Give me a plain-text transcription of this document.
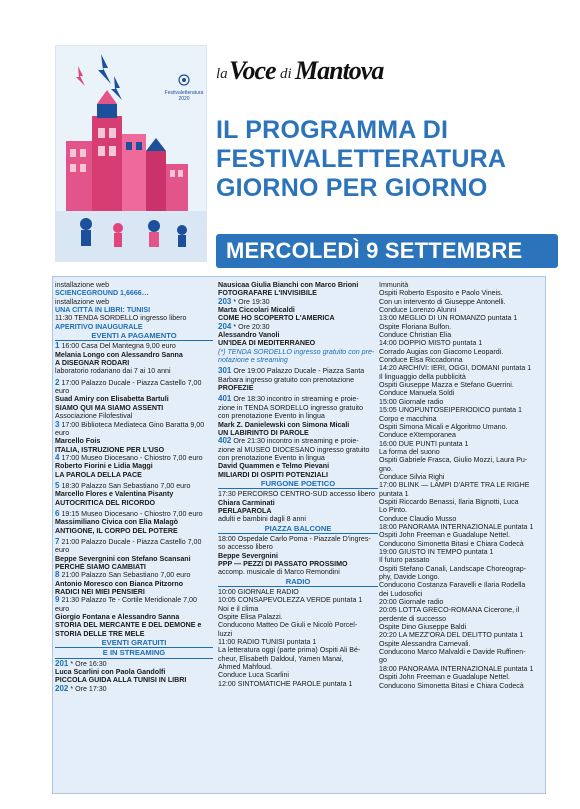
Festivaletteratura
2020
la Voce di Mantova
IL PROGRAMMA DI
FESTIVALETTERATURA
GIORNO PER GIORNO
MERCOLEDÌ 9 SETTEMBRE
installazione web
SCIENCEGROUND 1,6666…
installazione web
UNA CITTÀ IN LIBRI: TUNISI
11:30 TENDA SORDELLO ingresso libero
APERITIVO INAUGURALE
EVENTI A PAGAMENTO
1 16:00 Casa Del Mantegna 9,00 euro
Melania Longo con Alessandro Sanna
A DISEGNAR RODARI
laboratorio rodariano dai 7 ai 10 anni
2 17:00 Palazzo Ducale - Piazza Castello 7,00
euro
Suad Amiry con Elisabetta Bartuli
SIAMO QUI MA SIAMO ASSENTI
Associazione Filofestival
3 17:00 Biblioteca Mediateca Gino Baratta 9,00
euro
Marcello Fois
ITALIA, ISTRUZIONE PER L'USO
4 17:00 Museo Diocesano - Chiostro 7,00 euro
Roberto Fiorini e Lidia Maggi
LA PAROLA DELLA PACE
5 18:30 Palazzo San Sebastiano 7,00 euro
Marcello Flores e Valentina Pisanty
AUTOCRITICA DEL RICORDO
6 19:15 Museo Diocesano - Chiostro 7,00 euro
Massimiliano Civica con Elia Malagò
ANTIGONE, IL CORPO DEL POTERE
7 21:00 Palazzo Ducale - Piazza Castello 7,00
euro
Beppe Severgnini con Stefano Scansani
PERCHÉ SIAMO CAMBIATI
8 21:00 Palazzo San Sebastiano 7,00 euro
Antonio Moresco con Bianca Pitzorno
RADICI NEI MIEI PENSIERI
9 21:30 Palazzo Te - Cortile Meridionale 7,00
euro
Giorgio Fontana e Alessandro Sanna
STORIA DEL MERCANTE E DEL DEMONE e
STORIA DELLE TRE MELE
EVENTI GRATUITI
E IN STREAMING
201 * Ore 16:30
Luca Scarlini con Paola Gandolfi
PICCOLA GUIDA ALLA TUNISI IN LIBRI
202 * Ore 17:30
Nausicaa Giulia Bianchi con Marco Brioni
FOTOGRAFARE L'INVISIBILE
203 * Ore 19:30
Marta Ciccolari Micaldi
COME HO SCOPERTO L'AMERICA
204 * Ore 20:30
Alessandro Vanoli
UN'IDEA DI MEDITERRANEO
(*) TENDA SORDELLO ingresso gratuito con pre-
notazione e streaming
301 Ore 19:00 Palazzo Ducale - Piazza Santa
Barbara ingresso gratuito con prenotazione
PROFEZIE
401 Ore 18:30 incontro in streaming e proie-
zione in TENDA SORDELLO ingresso gratuito
con prenotazione Evento in lingua
Mark Z. Danielewski con Simona Micali
UN LABIRINTO DI PAROLE
402 Ore 21:30 incontro in streaming e proie-
zione al MUSEO DIOCESANO ingresso gratuito
con prenotazione Evento in lingua
David Quammen e Telmo Pievani
MILIARDI DI OSPITI POTENZIALI
FURGONE POETICO
17:30 PERCORSO CENTRO-SUD accesso libero
Chiara Carminati
PERLAPAROLA
adulti e bambini dagli 8 anni
PIAZZA BALCONE
18:00 Ospedale Carlo Poma - Piazzale D'ingres-
so accesso libero
Beppe Severgnini
PPP — PEZZI DI PASSATO PROSSIMO
accomp. musicale di Marco Remondini
RADIO
10:00 GIORNALE RADIO
10:05 CONSAPEVOLEZZA VERDE puntata 1
Noi e il clima
Ospite Elisa Palazzi.
Conducono Matteo De Giuli e Nicolò Porcel-
luzzi
11:00 RADIO TUNISI puntata 1
La letteratura oggi (parte prima) Ospiti Ali Bé-
cheur, Elisabeth Daldoul, Yamen Manai,
Ahmed Mahfoud.
Conduce Luca Scarlini
12:00 SINTOMATICHE PAROLE puntata 1
Immunità
Ospiti Roberto Esposito e Paolo Vineis.
Con un intervento di Giuseppe Antonelli.
Conduce Lorenzo Alunni
13:00 MEGLIO DI UN ROMANZO puntata 1
Ospite Floriana Bulfon.
Conduce Christian Elia
14:00 DOPPIO MISTO puntata 1
Corrado Augias con Giacomo Leopardi.
Conduce Elsa Riccadonna
14:20 ARCHIVI: IERI, OGGI, DOMANI puntata 1
Il linguaggio della pubblicità
Ospiti Giuseppe Mazza e Stefano Guerrini.
Conduce Manuela Soldi
15:00 Giornale radio
15:05 UNOPUNTOSEIPERIODICO puntata 1
Corpo e macchina
Ospiti Simona Micali e Algoritmo Umano.
Conduce eXtemporanea
16:00 DUE PUNTI puntata 1
La forma del suono
Ospiti Gabriele Frasca, Giulio Mozzi, Laura Pu-
gno.
Conduce Silvia Righi
17:00 BLINK — LAMPI D'ARTE TRA LE RIGHE
puntata 1
Ospiti Riccardo Benassi, Ilaria Bignotti, Luca
Lo Pinto.
Conduce Claudio Musso
18:00 PANORAMA INTERNAZIONALE puntata 1
Ospiti John Freeman e Guadalupe Nettel.
Conducono Simonetta Bitasi e Chiara Codecà
19:00 GIUSTO IN TEMPO puntata 1
Il futuro passato
Ospiti Stefano Canali, Landscape Choreograp-
phy, Davide Longo.
Conducono Costanza Faravelli e Ilaria Rodella
dei Ludosofici
20:00 Giornale radio
20:05 LOTTA GRECO-ROMANA Cicerone, il
perdente di successo
Ospite Dino Giuseppe Baldi
20:20 LA MEZZ'ORA DEL DELITTO puntata 1
Ospite Alessandra Carnevali.
Conducono Marco Malvaldi e Davide Ruffinen-
go
18:00 PANORAMA INTERNAZIONALE puntata 1
Ospiti John Freeman e Guadalupe Nettel.
Conducono Simonetta Bitasi e Chiara Codecà
